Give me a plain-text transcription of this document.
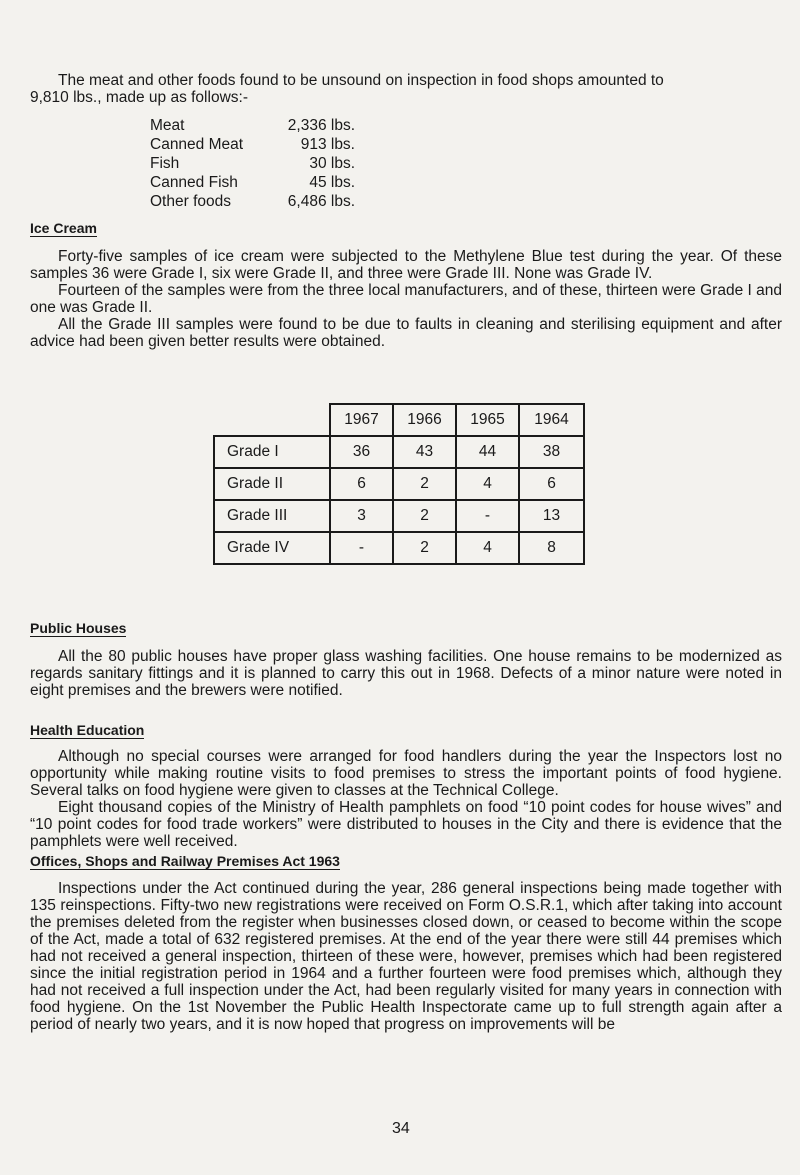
The meat and other foods found to be unsound on inspection in food shops amounted to

9,810 lbs., made up as follows:-

Meat	2,336 lbs.
Canned Meat	913 lbs.
Fish	30 lbs.
Canned Fish	45 lbs.
Other foods	6,486 lbs.
Ice Cream

Forty-five samples of ice cream were subjected to the Methylene Blue test during the year. Of these samples 36 were Grade I, six were Grade II, and three were Grade III. None was Grade IV.

Fourteen of the samples were from the three local manufacturers, and of these, thirteen were Grade I and one was Grade II.

All the Grade III samples were found to be due to faults in cleaning and sterilising equipment and after advice had been given better results were obtained.

	1967	1966	1965	1964
Grade I	36	43	44	38
Grade II	6	2	4	6
Grade III	3	2	-	13
Grade IV	-	2	4	8
Public Houses

All the 80 public houses have proper glass washing facilities. One house remains to be modernized as regards sanitary fittings and it is planned to carry this out in 1968. Defects of a minor nature were noted in eight premises and the brewers were notified.

Health Education

Although no special courses were arranged for food handlers during the year the Inspectors lost no opportunity while making routine visits to food premises to stress the important points of food hygiene. Several talks on food hygiene were given to classes at the Technical College.

Eight thousand copies of the Ministry of Health pamphlets on food “10 point codes for house wives” and “10 point codes for food trade workers” were distributed to houses in the City and there is evidence that the pamphlets were well received.

Offices, Shops and Railway Premises Act 1963

Inspections under the Act continued during the year, 286 general inspections being made together with 135 reinspections. Fifty-two new registrations were received on Form O.S.R.1, which after taking into account the premises deleted from the register when businesses closed down, or ceased to become within the scope of the Act, made a total of 632 registered premises. At the end of the year there were still 44 premises which had not received a general inspection, thirteen of these were, however, premises which had been registered since the initial registration period in 1964 and a further fourteen were food premises which, although they had not received a full inspection under the Act, had been regularly visited for many years in connection with food hygiene. On the 1st November the Public Health Inspectorate came up to full strength again after a period of nearly two years, and it is now hoped that progress on improvements will be

34
